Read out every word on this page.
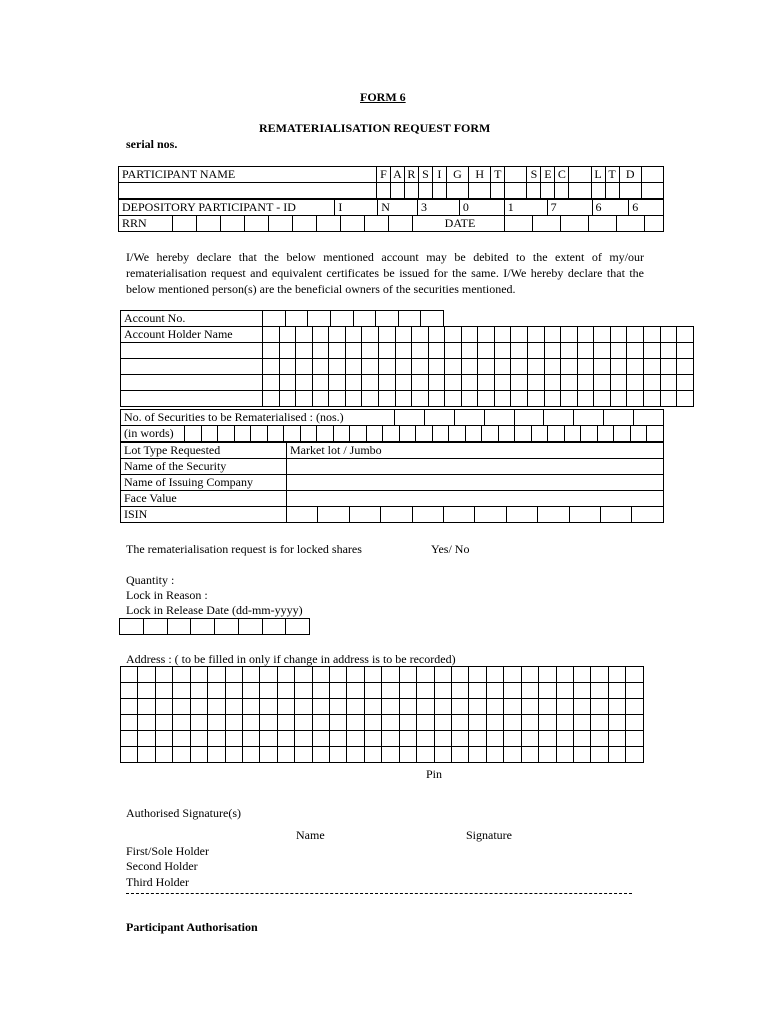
FORM 6
REMATERIALISATION REQUEST FORM
serial nos.
PARTICIPANT NAME	F	A	R	S	I	G	H	T		S	E	C		L	T	D	

DEPOSITORY PARTICIPANT - ID	I	N	3	0	1	7	6	6

RRN											DATE							
I/We hereby declare that the below mentioned account may be debited to the extent of my/our rematerialisation request and equivalent certificates be issued for the same. I/We hereby declare that the below mentioned person(s) are the beneficial owners of the securities mentioned.
Account No.								
Account Holder Name																										

No. of Securities to be Rematerialised : (nos.)									
(in words)																													
Lot Type Requested	Market lot / Jumbo											
Name of the Security												
Name of Issuing Company												
Face Value												
ISIN												
The rematerialisation request is for locked shares	Yes/ No
Quantity :
Lock in Reason :
Lock in Release Date (dd-mm-yyyy)

Address : ( to be filled in only if change in address is to be recorded)

Pin
Authorised Signature(s)
Name	Signature
First/Sole Holder
Second Holder
Third Holder
Participant Authorisation
